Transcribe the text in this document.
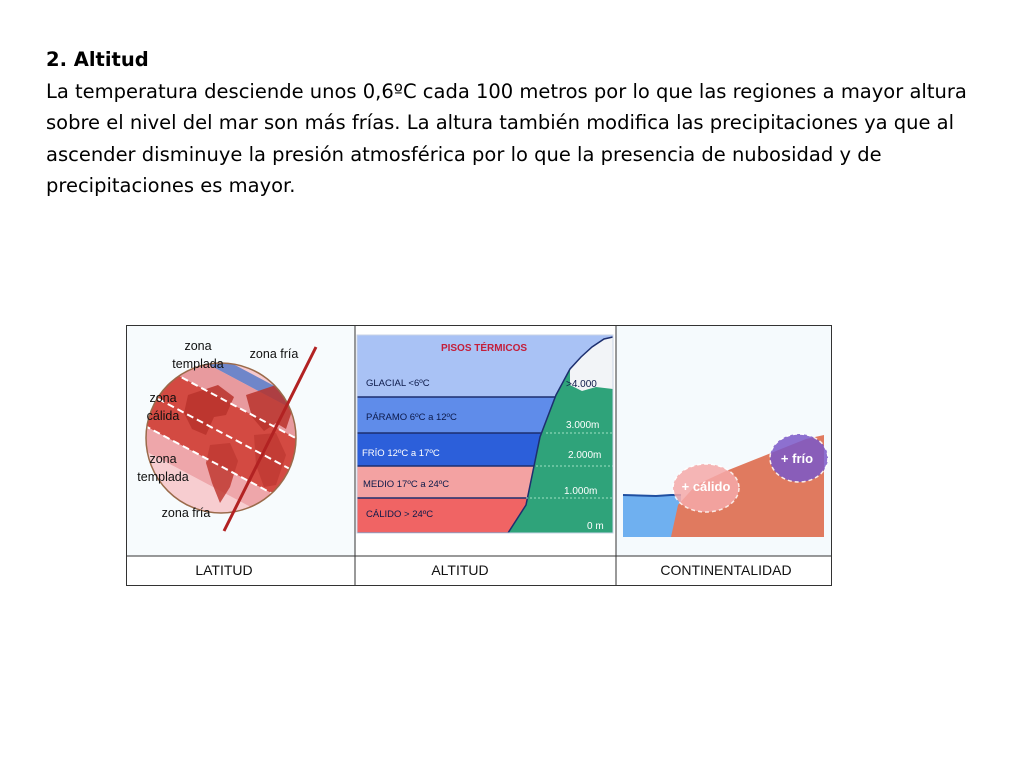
2. Altitud

La temperatura desciende unos 0,6ºC cada 100 metros por lo que las regiones a mayor altura sobre el nivel del mar son más frías. La altura también modifica las precipitaciones ya que al ascender disminuye la presión atmosférica por lo que la presencia de nubosidad y de precipitaciones es mayor.

zona
templada
zona fría
zona
cálida
zona
templada
zona fría
PISOS TÉRMICOS
GLACIAL <6ºC
PÁRAMO 6ºC a 12ºC
FRÍO 12ºC a 17ºC
MEDIO 17ºC a 24ºC
CÁLIDO > 24ºC
>4.000
3.000m
2.000m
1.000m
0 m
+ cálido
+ frío
LATITUD	ALTITUD	CONTINENTALIDAD
